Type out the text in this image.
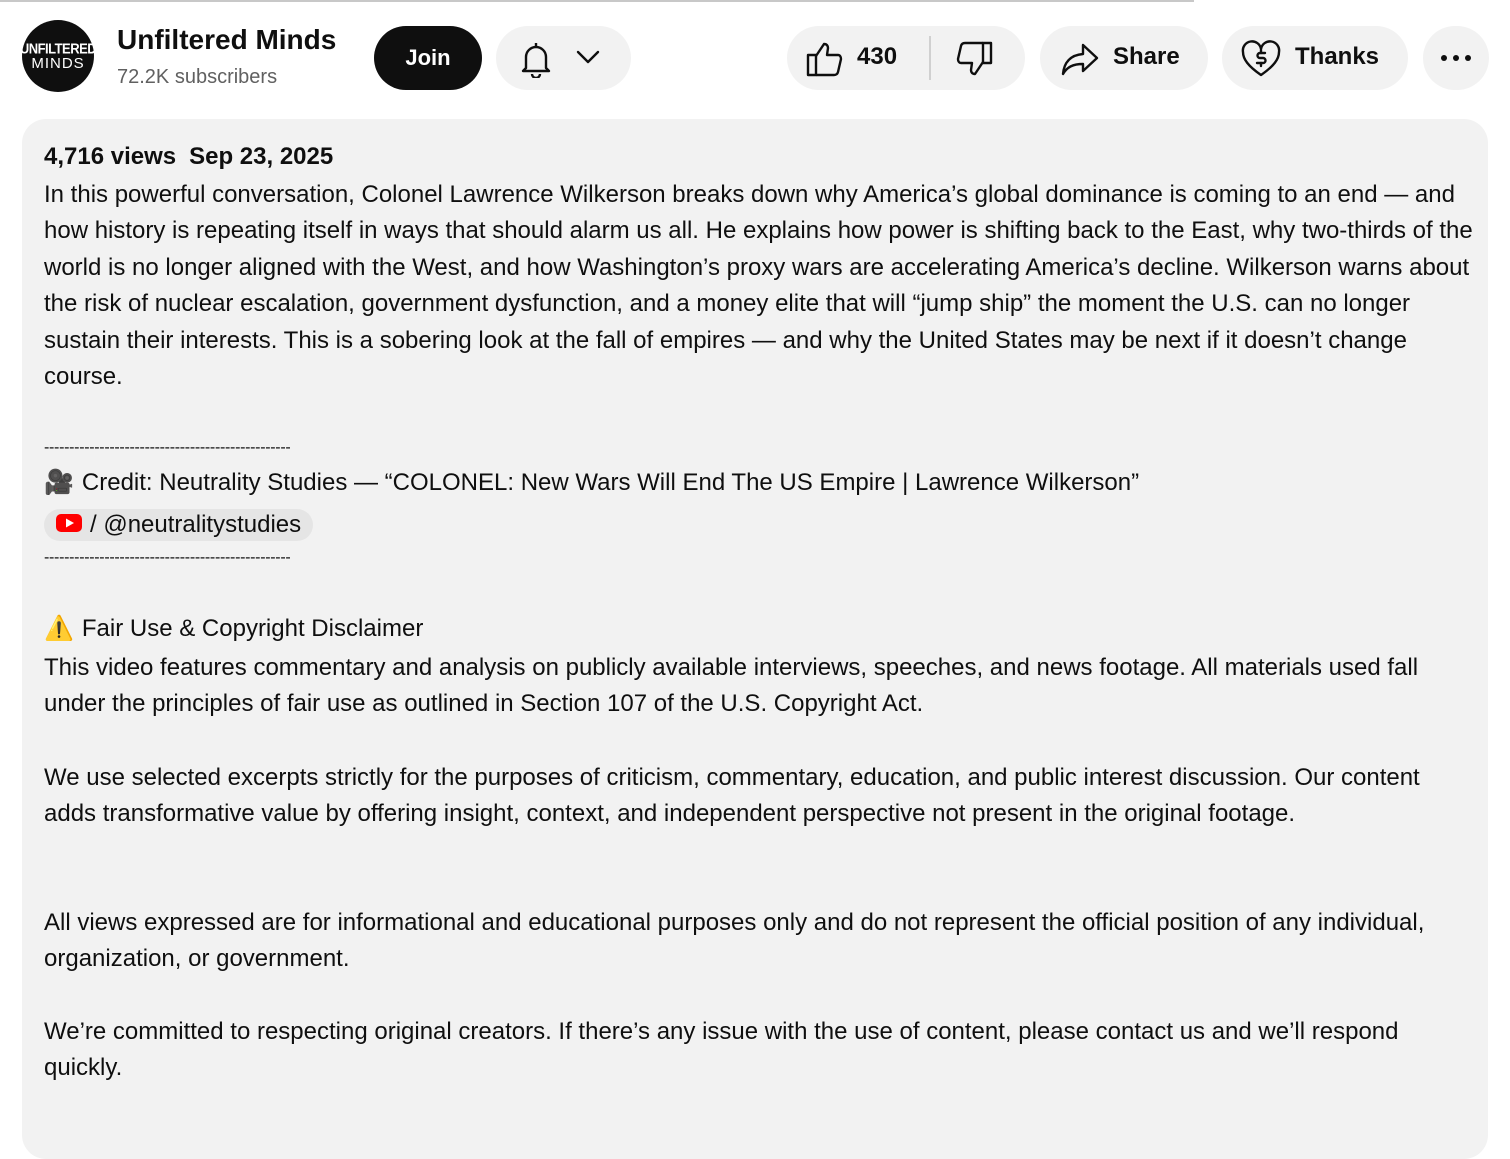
UNFILTERED
MINDS
Unfiltered Minds
72.2K subscribers
Join	430	Share	Thanks
4,716 views Sep 23, 2025
In this powerful conversation, Colonel Lawrence Wilkerson breaks down why America’s global dominance is coming to an end — and how history is repeating itself in ways that should alarm us all. He explains how power is shifting back to the East, why two-thirds of the world is no longer aligned with the West, and how Washington’s proxy wars are accelerating America’s decline. Wilkerson warns about the risk of nuclear escalation, government dysfunction, and a money elite that will “jump ship” the moment the U.S. can no longer sustain their interests. This is a sobering look at the fall of empires — and why the United States may be next if it doesn’t change course.
-------------------------------------------------
🎥 Credit: Neutrality Studies — “COLONEL: New Wars Will End The US Empire | Lawrence Wilkerson”
/ @neutralitystudies
-------------------------------------------------
⚠️ Fair Use & Copyright Disclaimer
This video features commentary and analysis on publicly available interviews, speeches, and news footage. All materials used fall under the principles of fair use as outlined in Section 107 of the U.S. Copyright Act.
We use selected excerpts strictly for the purposes of criticism, commentary, education, and public interest discussion. Our content adds transformative value by offering insight, context, and independent perspective not present in the original footage.
All views expressed are for informational and educational purposes only and do not represent the official position of any individual, organization, or government.
We’re committed to respecting original creators. If there’s any issue with the use of content, please contact us and we’ll respond quickly.
